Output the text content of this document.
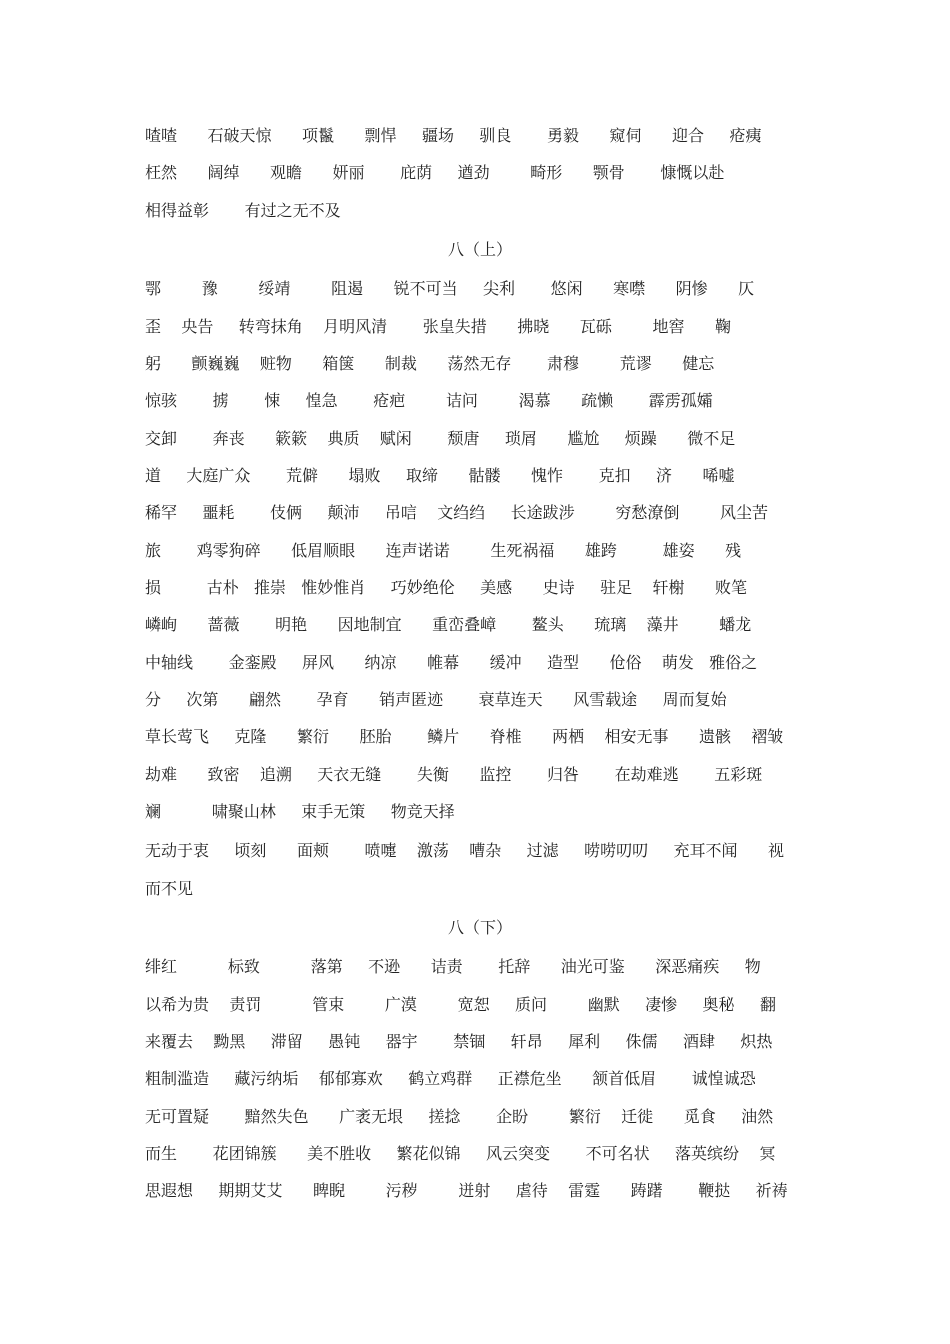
喳喳      石破天惊      项鬣      剽悍     疆场     驯良       勇毅      窥伺      迎合     疮痍
枉然      阔绰      观瞻      妍丽       庇荫     遒劲        畸形      颚骨       慷慨以赴
相得益彰       有过之无不及
八（上）
鄂        豫        绥靖        阻遏      锐不可当     尖利       悠闲      寒噤      阴惨      仄
歪    央告     转弯抹角    月明风清       张皇失措      拂晓      瓦砾        地窖      鞠
躬      颤巍巍    赃物      箱箧      制裁      荡然无存       肃穆        荒谬      健忘
惊骇       掳       悚     惶急       疮疤        诘问        渴慕      疏懒       霹雳孤孀
交卸       奔丧      簌簌    典质    赋闲       颓唐     琐屑      尴尬     烦躁      微不足
道     大庭广众       荒僻      塌败     取缔      骷髅      愧怍       克扣     济      唏嘘
稀罕     噩耗       伎俩     颠沛     吊唁    文绉绉     长途跋涉        穷愁潦倒        风尘苦
旅       鸡零狗碎      低眉顺眼      连声诺诺        生死祸福      雄跨         雄姿      残
损         古朴   推崇   惟妙惟肖     巧妙绝伦     美感      史诗     驻足    轩榭      败笔
嶙峋      蔷薇       明艳      因地制宜      重峦叠嶂       鳌头      琉璃    藻井        蟠龙
中轴线       金銮殿     屏风      纳凉      帷幕      缓冲     造型      伧俗    萌发   雅俗之
分     次第      翩然       孕育      销声匿迹       衰草连天      风雪载途     周而复始
草长莺飞     克隆      繁衍      胚胎       鳞片      脊椎      两栖    相安无事      遗骸    褶皱
劫难      致密    追溯     天衣无缝       失衡      监控       归咎       在劫难逃       五彩斑
斓          啸聚山林     束手无策     物竞天择
无动于衷     顷刻      面颊       喷嚏    激荡    嘈杂     过滤     唠唠叨叨     充耳不闻      视
而不见
八（下）
绯红          标致          落第     不逊      诘责       托辞      油光可鉴      深恶痛疾     物
以希为贵    责罚          管束        广漠        宽恕     质问        幽默     凄惨     奥秘     翻
来覆去    黝黑     滞留     愚钝     器宇       禁锢     轩昂     犀利     侏儒     酒肆     炽热
粗制滥造     藏污纳垢    郁郁寡欢     鹤立鸡群     正襟危坐      颔首低眉       诚惶诚恐
无可置疑       黯然失色      广袤无垠     搓捻       企盼        繁衍    迁徙      觅食     油然
而生       花团锦簇      美不胜收     繁花似锦     风云突变       不可名状     落英缤纷    冥
思遐想     期期艾艾      睥睨        污秽        迸射     虐待    雷霆      踌躇       鞭挞     祈祷
